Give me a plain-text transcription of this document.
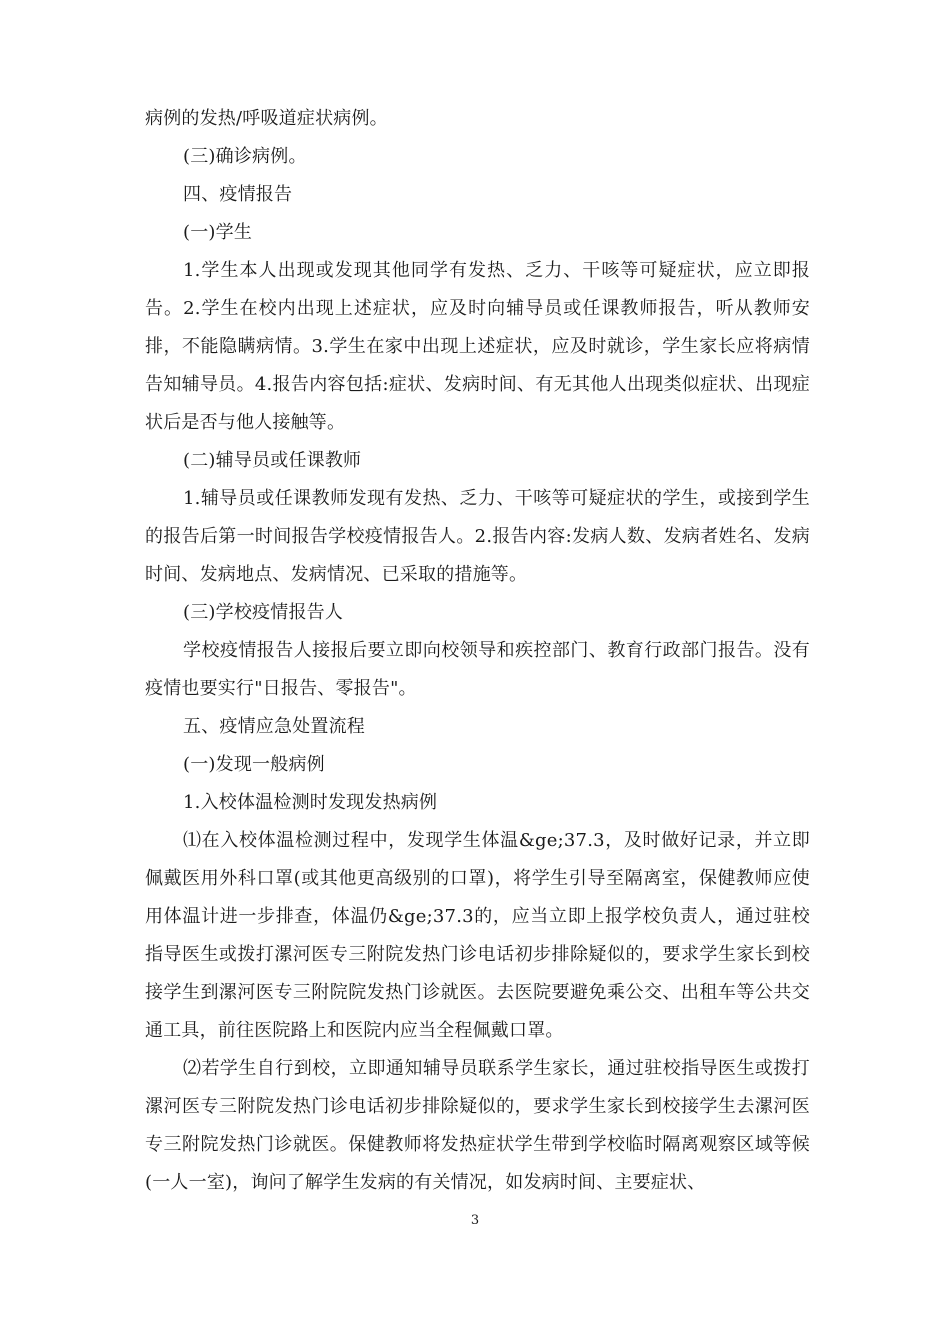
病例的发热/呼吸道症状病例。

(三)确诊病例。

四、疫情报告

(一)学生

1.学生本人出现或发现其他同学有发热、乏力、干咳等可疑症状，应立即报告。2.学生在校内出现上述症状，应及时向辅导员或任课教师报告，听从教师安排，不能隐瞒病情。3.学生在家中出现上述症状，应及时就诊，学生家长应将病情告知辅导员。4.报告内容包括:症状、发病时间、有无其他人出现类似症状、出现症状后是否与他人接触等。

(二)辅导员或任课教师

1.辅导员或任课教师发现有发热、乏力、干咳等可疑症状的学生，或接到学生的报告后第一时间报告学校疫情报告人。2.报告内容:发病人数、发病者姓名、发病时间、发病地点、发病情况、已采取的措施等。

(三)学校疫情报告人

学校疫情报告人接报后要立即向校领导和疾控部门、教育行政部门报告。没有疫情也要实行"日报告、零报告"。

五、疫情应急处置流程

(一)发现一般病例

1.入校体温检测时发现发热病例

⑴在入校体温检测过程中，发现学生体温&ge;37.3，及时做好记录，并立即佩戴医用外科口罩(或其他更高级别的口罩)，将学生引导至隔离室，保健教师应使用体温计进一步排查，体温仍&ge;37.3的，应当立即上报学校负责人，通过驻校指导医生或拨打漯河医专三附院发热门诊电话初步排除疑似的，要求学生家长到校接学生到漯河医专三附院院发热门诊就医。去医院要避免乘公交、出租车等公共交通工具，前往医院路上和医院内应当全程佩戴口罩。

⑵若学生自行到校，立即通知辅导员联系学生家长，通过驻校指导医生或拨打漯河医专三附院发热门诊电话初步排除疑似的，要求学生家长到校接学生去漯河医专三附院发热门诊就医。保健教师将发热症状学生带到学校临时隔离观察区域等候(一人一室)，询问了解学生发病的有关情况，如发病时间、主要症状、

3
